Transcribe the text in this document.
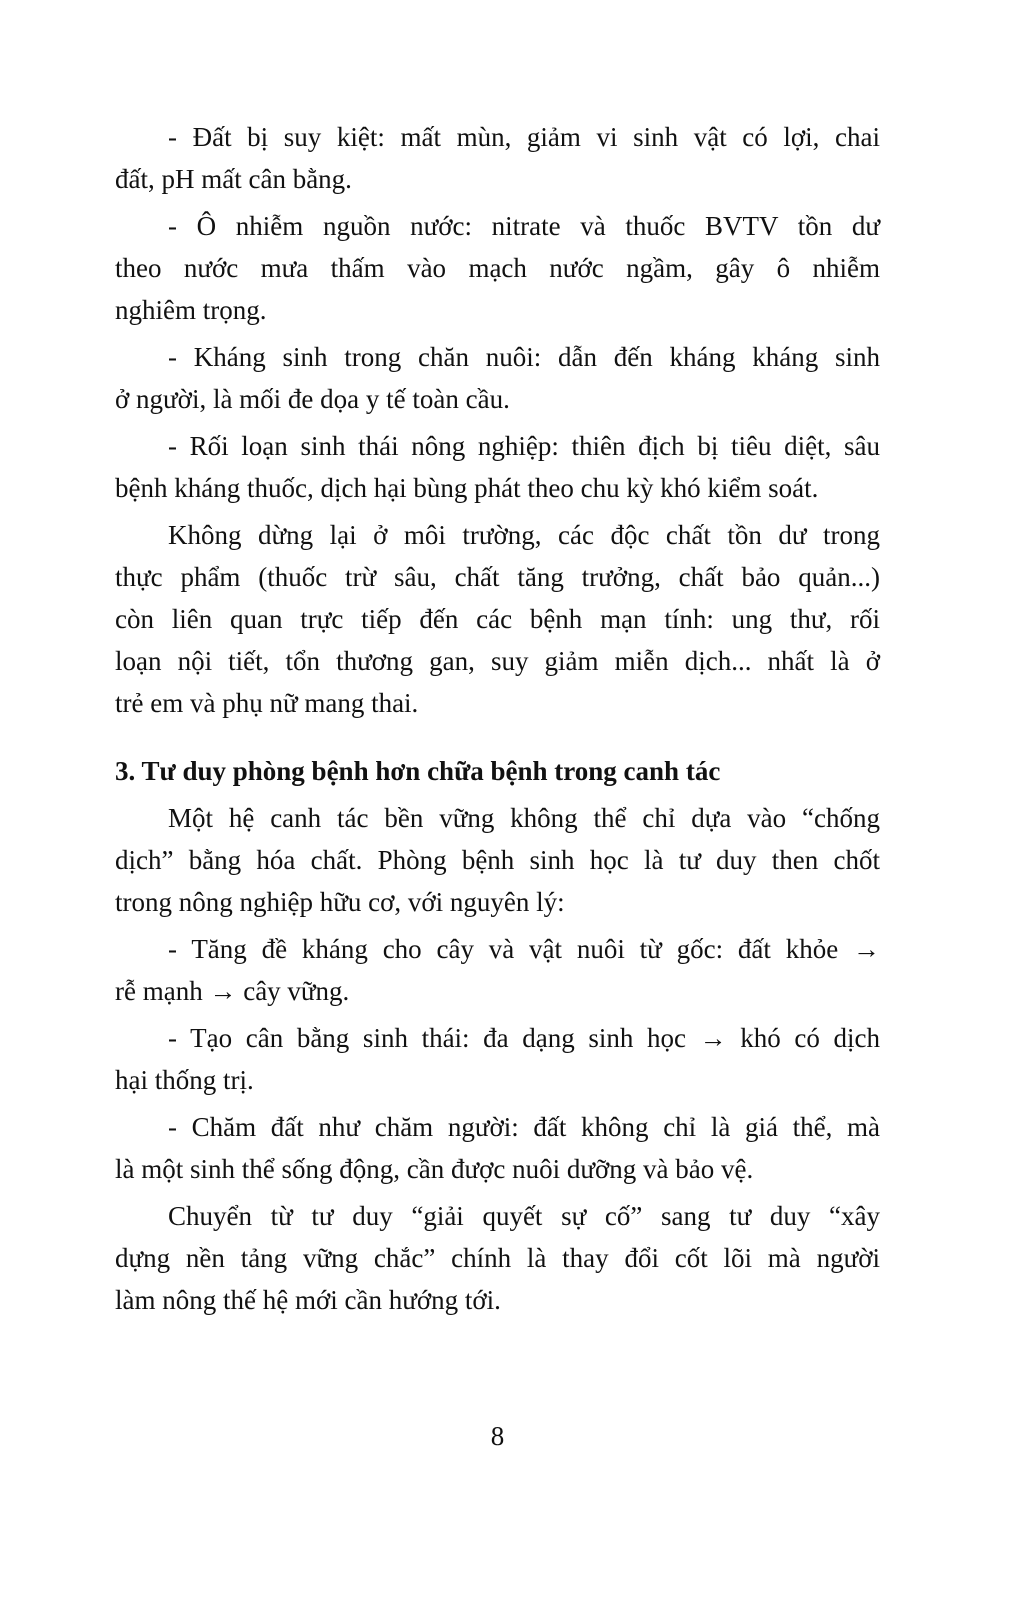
- Đất bị suy kiệt: mất mùn, giảm vi sinh vật có lợi, chai
đất, pH mất cân bằng.
- Ô nhiễm nguồn nước: nitrate và thuốc BVTV tồn dư
theo nước mưa thấm vào mạch nước ngầm, gây ô nhiễm
nghiêm trọng.
- Kháng sinh trong chăn nuôi: dẫn đến kháng kháng sinh
ở người, là mối đe dọa y tế toàn cầu.
- Rối loạn sinh thái nông nghiệp: thiên địch bị tiêu diệt, sâu
bệnh kháng thuốc, dịch hại bùng phát theo chu kỳ khó kiểm soát.
Không dừng lại ở môi trường, các độc chất tồn dư trong
thực phẩm (thuốc trừ sâu, chất tăng trưởng, chất bảo quản...)
còn liên quan trực tiếp đến các bệnh mạn tính: ung thư, rối
loạn nội tiết, tổn thương gan, suy giảm miễn dịch... nhất là ở
trẻ em và phụ nữ mang thai.
3. Tư duy phòng bệnh hơn chữa bệnh trong canh tác
Một hệ canh tác bền vững không thể chỉ dựa vào “chống
dịch” bằng hóa chất. Phòng bệnh sinh học là tư duy then chốt
trong nông nghiệp hữu cơ, với nguyên lý:
- Tăng đề kháng cho cây và vật nuôi từ gốc: đất khỏe →
rễ mạnh → cây vững.
- Tạo cân bằng sinh thái: đa dạng sinh học → khó có dịch
hại thống trị.
- Chăm đất như chăm người: đất không chỉ là giá thể, mà
là một sinh thể sống động, cần được nuôi dưỡng và bảo vệ.
Chuyển từ tư duy “giải quyết sự cố” sang tư duy “xây
dựng nền tảng vững chắc” chính là thay đổi cốt lõi mà người
làm nông thế hệ mới cần hướng tới.
8
